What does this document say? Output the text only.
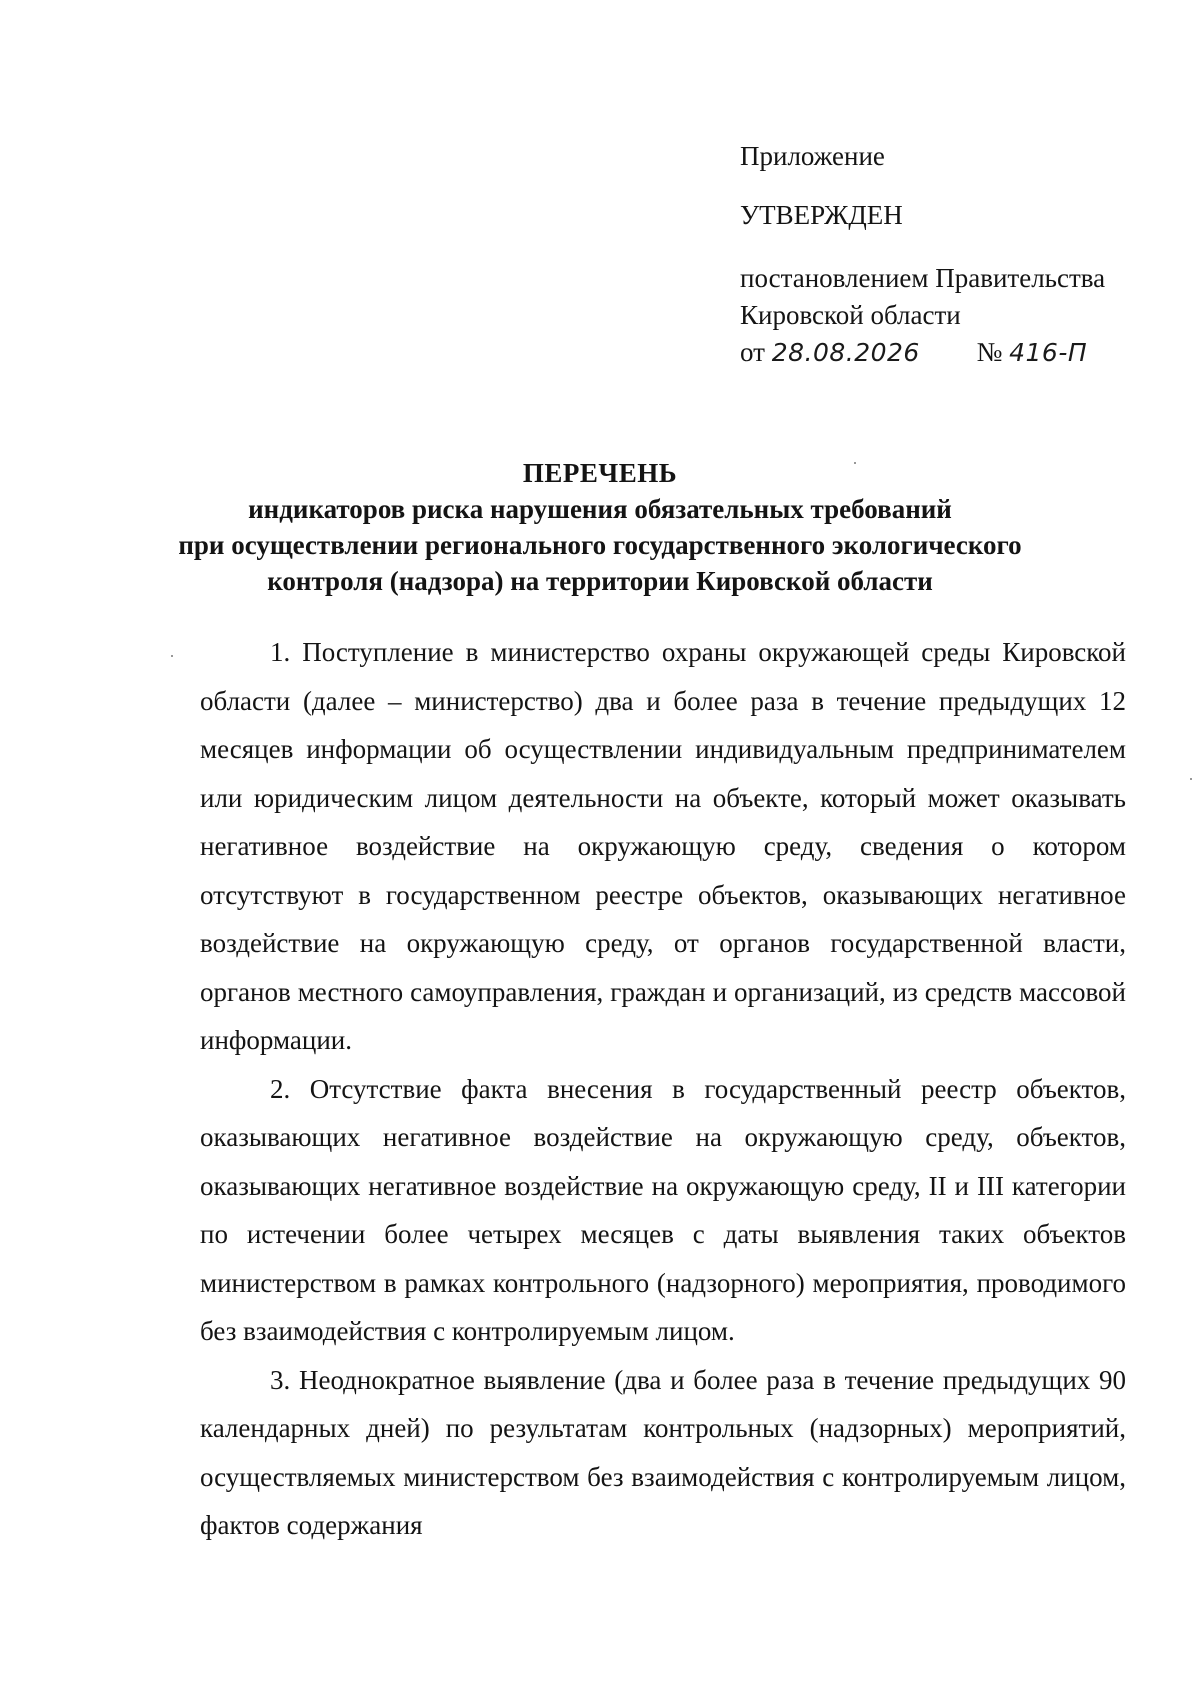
Приложение
УТВЕРЖДЕН
постановлением Правительства
Кировской области
от 28.08.2026 № 416-П
ПЕРЕЧЕНЬ
индикаторов риска нарушения обязательных требований
при осуществлении регионального государственного экологического
контроля (надзора) на территории Кировской области

1. Поступление в министерство охраны окружающей среды Кировской области (далее – министерство) два и более раза в течение предыдущих 12 месяцев информации об осуществлении индивидуальным предпринимателем или юридическим лицом деятельности на объекте, который может оказывать негативное воздействие на окружающую среду, сведения о котором отсутствуют в государственном реестре объектов, оказывающих негативное воздействие на окружающую среду, от органов государственной власти, органов местного самоуправления, граждан и организаций, из средств массовой информации.

2. Отсутствие факта внесения в государственный реестр объектов, оказывающих негативное воздействие на окружающую среду, объектов, оказывающих негативное воздействие на окружающую среду, II и III категории по истечении более четырех месяцев с даты выявления таких объектов министерством в рамках контрольного (надзорного) мероприятия, проводимого без взаимодействия с контролируемым лицом.

3. Неоднократное выявление (два и более раза в течение предыдущих 90 календарных дней) по результатам контрольных (надзорных) мероприятий, осуществляемых министерством без взаимодействия с контролируемым лицом, фактов содержания
